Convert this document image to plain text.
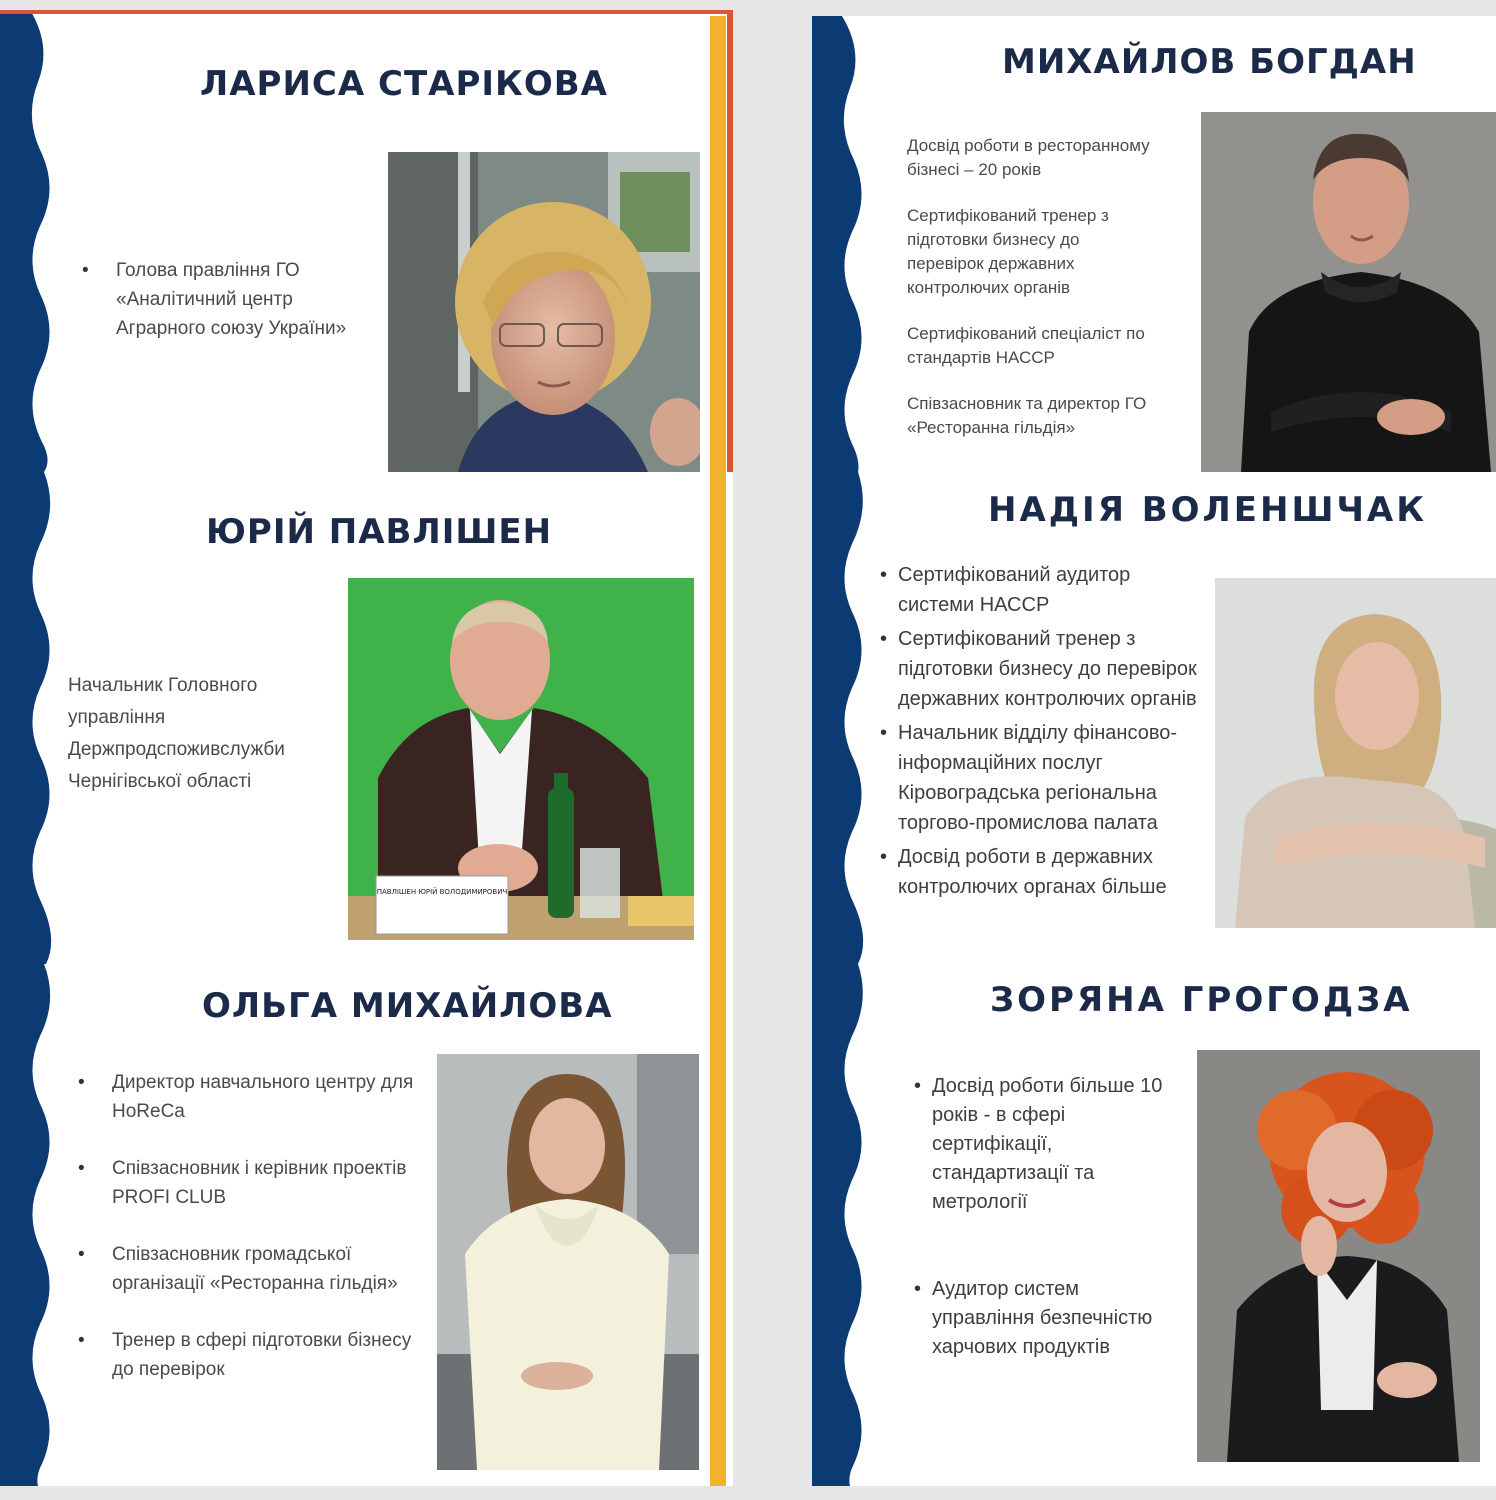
ЛАРИСА СТАРІКОВА
• Голова правління ГО «Аналітичний центр Аграрного союзу України»
ЮРІЙ ПАВЛІШЕН

Начальник Головного управління Держпродспоживслужби Чернігівської області

ПАВЛІШЕН ЮРІЙ ВОЛОДИМИРОВИЧ
ОЛЬГА МИХАЙЛОВА
• Директор навчального центру для HoReCa
• Співзасновник і керівник проектів PROFI CLUB
• Співзасновник громадської організації «Ресторанна гільдія»
• Тренер в сфері підготовки бізнесу до перевірок
МИХАЙЛОВ БОГДАН

Досвід роботи в ресторанному бізнесі – 20 років

Сертифікований тренер з підготовки бизнесу до перевірок державних контролючих органів

Сертифікований спеціаліст по стандартів НАССР

Співзасновник та директор ГО «Ресторанна гільдія»

НАДІЯ ВОЛЕНШЧАК
• Сертифікований аудитор системи НАССР
• Сертифікований тренер з підготовки бизнесу до перевірок державних контролючих органів
• Начальник відділу фінансово-інформаційних послуг Кіровоградська регіональна торгово-промислова палата
• Досвід роботи в державних контролючих органах більше
ЗОРЯНА ГРОГОДЗА
• Досвід роботи більше 10 років - в сфері сертифікації, стандартизації та метрології
• Аудитор систем управління безпечністю харчових продуктів
